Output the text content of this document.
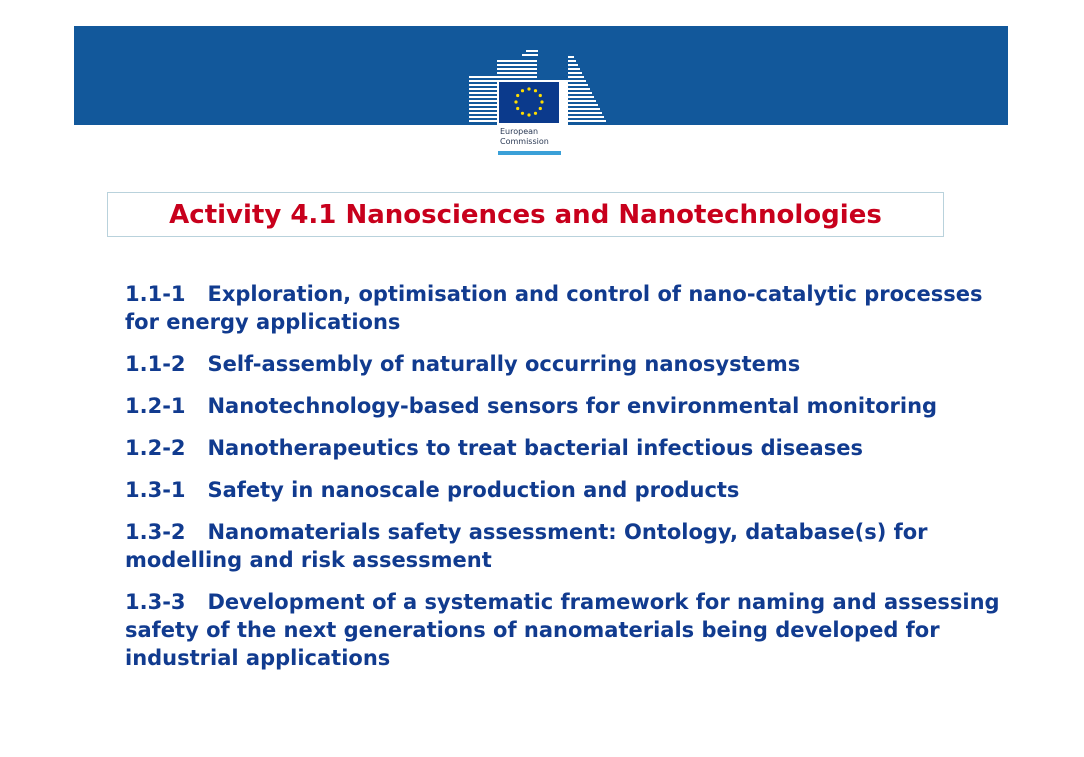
European
Commission
Activity 4.1 Nanosciences and Nanotechnologies
1.1-1 Exploration, optimisation and control of nano-catalytic processes for energy applications
1.1-2 Self-assembly of naturally occurring nanosystems
1.2-1 Nanotechnology-based sensors for environmental monitoring
1.2-2 Nanotherapeutics to treat bacterial infectious diseases
1.3-1 Safety in nanoscale production and products
1.3-2 Nanomaterials safety assessment: Ontology, database(s) for modelling and risk assessment
1.3-3 Development of a systematic framework for naming and assessing safety of the next generations of nanomaterials being developed for industrial applications
